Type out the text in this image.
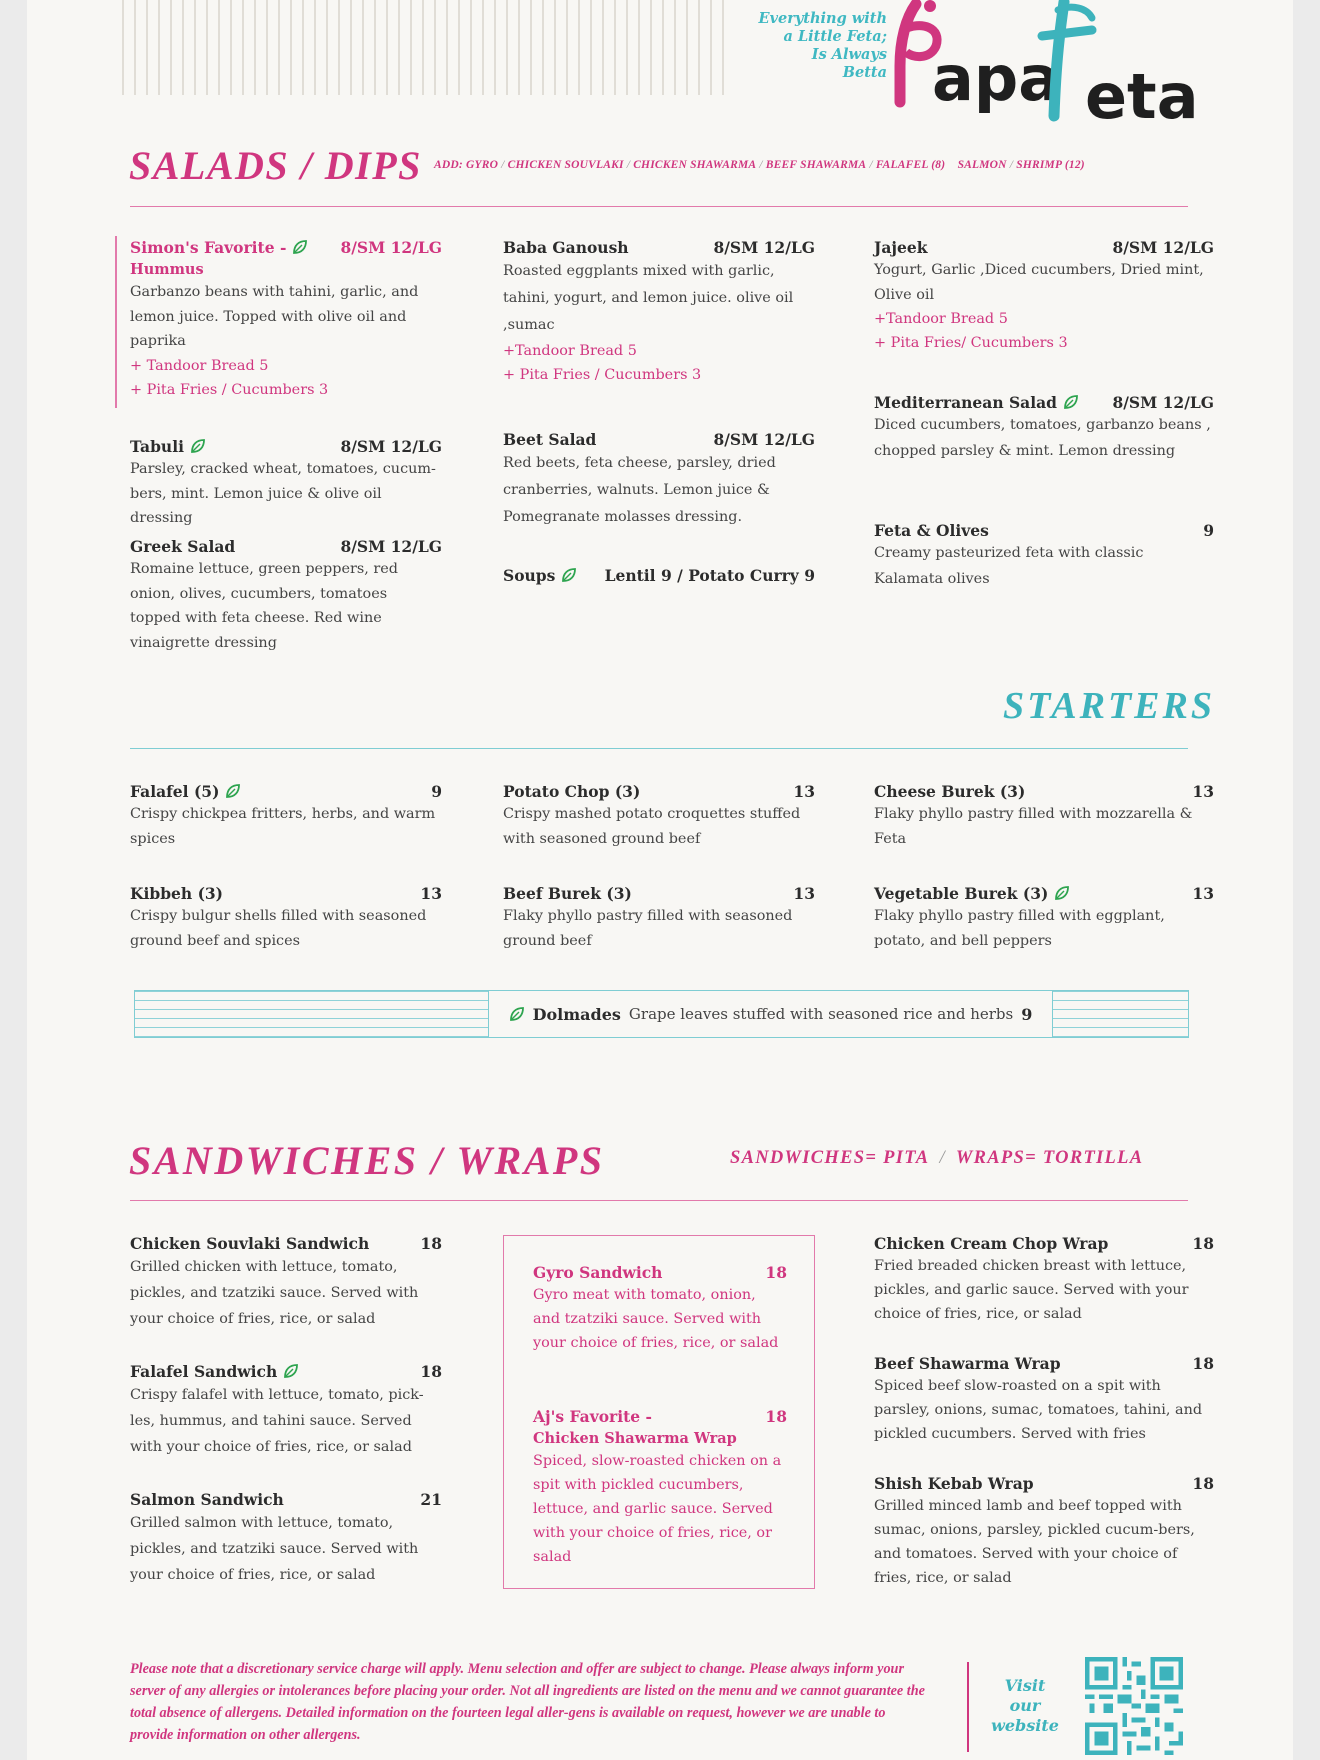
Everything with
a Little Feta;
Is Always
Betta apa eta
SALADS / DIPS ADD: GYRO / CHICKEN SOUVLAKI / CHICKEN SHAWARMA / BEEF SHAWARMA / FALAFEL (8) SALMON / SHRIMP (12)
Simon's Favorite -	8/SM 12/LG
Hummus
Garbanzo beans with tahini, garlic, and lemon juice. Topped with olive oil and paprika
+ Tandoor Bread 5
+ Pita Fries / Cucumbers 3
Tabuli	8/SM 12/LG
Parsley, cracked wheat, tomatoes, cucum-bers, mint. Lemon juice & olive oil dressing
Greek Salad	8/SM 12/LG
Romaine lettuce, green peppers, red onion, olives, cucumbers, tomatoes topped with feta cheese. Red wine vinaigrette dressing
Baba Ganoush	8/SM 12/LG
Roasted eggplants mixed with garlic, tahini, yogurt, and lemon juice. olive oil ,sumac
+Tandoor Bread 5
+ Pita Fries / Cucumbers 3
Beet Salad	8/SM 12/LG
Red beets, feta cheese, parsley, dried cranberries, walnuts. Lemon juice & Pomegranate molasses dressing.
Soups	Lentil 9 / Potato Curry 9
Jajeek	8/SM 12/LG
Yogurt, Garlic ,Diced cucumbers, Dried mint, Olive oil
+Tandoor Bread 5
+ Pita Fries/ Cucumbers 3
Mediterranean Salad	8/SM 12/LG
Diced cucumbers, tomatoes, garbanzo beans , chopped parsley & mint. Lemon dressing
Feta & Olives	9
Creamy pasteurized feta with classic Kalamata olives
STARTERS
Falafel (5)	9
Crispy chickpea fritters, herbs, and warm spices
Potato Chop (3)	13
Crispy mashed potato croquettes stuffed with seasoned ground beef
Cheese Burek (3)	13
Flaky phyllo pastry filled with mozzarella & Feta
Kibbeh (3)	13
Crispy bulgur shells filled with seasoned ground beef and spices
Beef Burek (3)	13
Flaky phyllo pastry filled with seasoned ground beef
Vegetable Burek (3)	13
Flaky phyllo pastry filled with eggplant, potato, and bell peppers
Dolmades Grape leaves stuffed with seasoned rice and herbs 9
SANDWICHES / WRAPS	SANDWICHES= PITA / WRAPS= TORTILLA
Chicken Souvlaki Sandwich	18
Grilled chicken with lettuce, tomato, pickles, and tzatziki sauce. Served with your choice of fries, rice, or salad
Falafel Sandwich	18
Crispy falafel with lettuce, tomato, pick-les, hummus, and tahini sauce. Served with your choice of fries, rice, or salad
Salmon Sandwich	21
Grilled salmon with lettuce, tomato, pickles, and tzatziki sauce. Served with your choice of fries, rice, or salad
Gyro Sandwich	18
Gyro meat with tomato, onion, and tzatziki sauce. Served with your choice of fries, rice, or salad
Aj's Favorite -	18
Chicken Shawarma Wrap
Spiced, slow-roasted chicken on a spit with pickled cucumbers, lettuce, and garlic sauce. Served with your choice of fries, rice, or salad
Chicken Cream Chop Wrap	18
Fried breaded chicken breast with lettuce, pickles, and garlic sauce. Served with your choice of fries, rice, or salad
Beef Shawarma Wrap	18
Spiced beef slow-roasted on a spit with parsley, onions, sumac, tomatoes, tahini, and pickled cucumbers. Served with fries
Shish Kebab Wrap	18
Grilled minced lamb and beef topped with sumac, onions, parsley, pickled cucum-bers, and tomatoes. Served with your choice of fries, rice, or salad
Please note that a discretionary service charge will apply. Menu selection and offer are subject to change. Please always inform your server of any allergies or intolerances before placing your order. Not all ingredients are listed on the menu and we cannot guarantee the total absence of allergens. Detailed information on the fourteen legal aller-gens is available on request, however we are unable to provide information on other allergens.
Visit
our
website
